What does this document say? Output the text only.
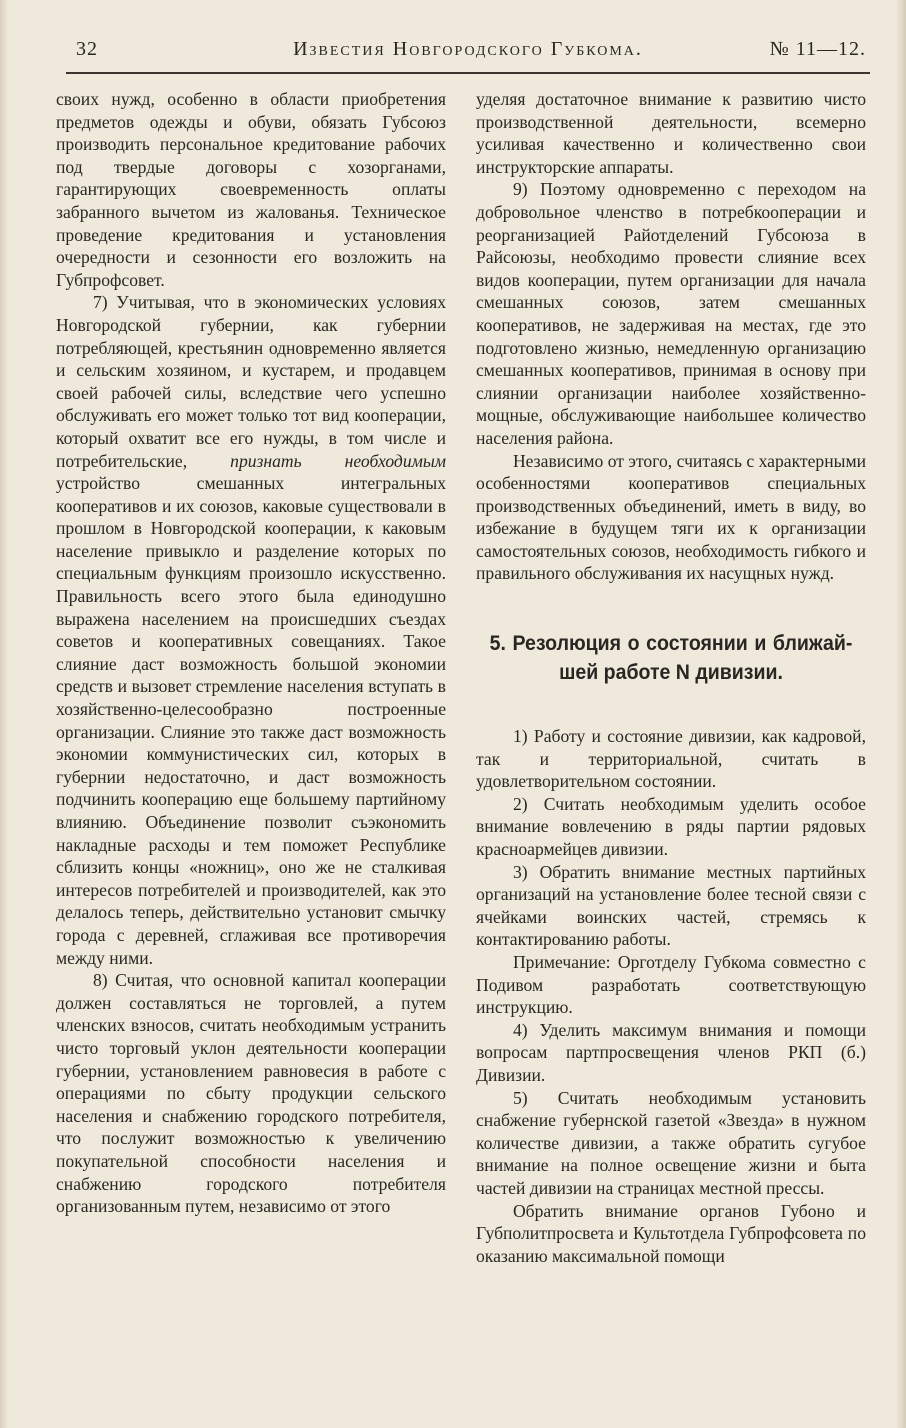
32	Известия Новгородского Губкома.	№ 11—12.

своих нужд, особенно в области приобретения предметов одежды и обуви, обязать Губсоюз производить персональное кредитование рабочих под твердые договоры с хозорганами, гарантирующих своевременность оплаты забранного вычетом из жалованья. Техническое проведение кредитования и установления очередности и сезонности его возложить на Губпрофсовет.

7) Учитывая, что в экономических условиях Новгородской губернии, как губернии потребляющей, крестьянин одновременно является и сельским хозяином, и кустарем, и продавцем своей рабочей силы, вследствие чего успешно обслуживать его может только тот вид кооперации, который охватит все его нужды, в том числе и потребительские, признать необходимым устройство смешанных интегральных кооперативов и их союзов, каковые существовали в прошлом в Новгородской кооперации, к каковым население привыкло и разделение которых по специальным функциям произошло искусственно. Правильность всего этого была единодушно выражена населением на происшедших съездах советов и кооперативных совещаниях. Такое слияние даст возможность большой экономии средств и вызовет стремление населения вступать в хозяйственно-целесообразно построенные организации. Слияние это также даст возможность экономии коммунистических сил, которых в губернии недостаточно, и даст возможность подчинить кооперацию еще большему партийному влиянию. Объединение позволит съэкономить накладные расходы и тем поможет Республике сблизить концы «ножниц», оно же не сталкивая интересов потребителей и производителей, как это делалось теперь, действительно установит смычку города с деревней, сглаживая все противоречия между ними.

8) Считая, что основной капитал кооперации должен составляться не торговлей, а путем членских взносов, считать необходимым устранить чисто торговый уклон деятельности кооперации губернии, установлением равновесия в работе с операциями по сбыту продукции сельского населения и снабжению городского потребителя, что послужит возможностью к увеличению покупательной способности населения и снабжению городского потребителя организованным путем, независимо от этого

уделяя достаточное внимание к развитию чисто производственной деятельности, всемерно усиливая качественно и количественно свои инструкторские аппараты.

9) Поэтому одновременно с переходом на добровольное членство в потребкооперации и реорганизацией Райотделений Губсоюза в Райсоюзы, необходимо провести слияние всех видов кооперации, путем организации для начала смешанных союзов, затем смешанных кооперативов, не задерживая на местах, где это подготовлено жизнью, немедленную организацию смешанных кооперативов, принимая в основу при слиянии организации наиболее хозяйственно-мощные, обслуживающие наибольшее количество населения района.

Независимо от этого, считаясь с характерными особенностями кооперативов специальных производственных объединений, иметь в виду, во избежание в будущем тяги их к организации самостоятельных союзов, необходимость гибкого и правильного обслуживания их насущных нужд.

5. Резолюция о состоянии и ближай-
шей работе N дивизии.

1) Работу и состояние дивизии, как кадровой, так и территориальной, считать в удовлетворительном состоянии.

2) Считать необходимым уделить особое внимание вовлечению в ряды партии рядовых красноармейцев дивизии.

3) Обратить внимание местных партийных организаций на установление более тесной связи с ячейками воинских частей, стремясь к контактированию работы.

Примечание: Орготделу Губкома совместно с Подивом разработать соответствующую инструкцию.

4) Уделить максимум внимания и помощи вопросам партпросвещения членов РКП (б.) Дивизии.

5) Считать необходимым установить снабжение губернской газетой «Звезда» в нужном количестве дивизии, а также обратить сугубое внимание на полное освещение жизни и быта частей дивизии на страницах местной прессы.

Обратить внимание органов Губоно и Губполитпросвета и Культотдела Губпрофсовета по оказанию максимальной помощи
